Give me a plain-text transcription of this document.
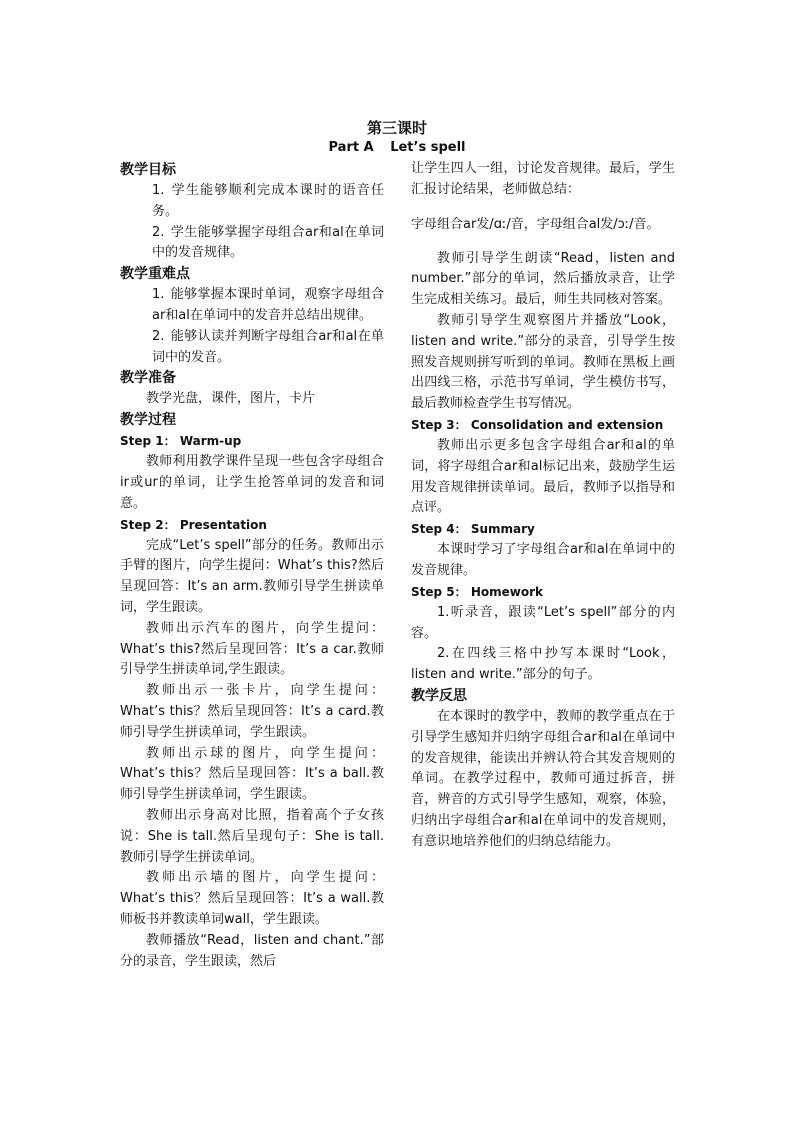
第三课时
Part A Let’s spell

教学目标

1. 学生能够顺利完成本课时的语音任务。

2. 学生能够掌握字母组合ar和al在单词中的发音规律。

教学重难点

1. 能够掌握本课时单词，观察字母组合ar和al在单词中的发音并总结出规律。

2. 能够认读并判断字母组合ar和al在单词中的发音。

教学准备

教学光盘，课件，图片，卡片

教学过程

Step 1： Warm-up

教师利用教学课件呈现一些包含字母组合ir或ur的单词，让学生抢答单词的发音和词意。

Step 2： Presentation

完成“Let’s spell”部分的任务。教师出示手臂的图片，向学生提问：What’s this?然后呈现回答：It’s an arm.教师引导学生拼读单词，学生跟读。

教师出示汽车的图片，向学生提问：What’s this?然后呈现回答：It’s a car.教师引导学生拼读单词,学生跟读。

教师出示一张卡片，向学生提问：What’s this？然后呈现回答：It’s a card.教师引导学生拼读单词，学生跟读。

教师出示球的图片，向学生提问：What’s this？然后呈现回答：It’s a ball.教师引导学生拼读单词，学生跟读。

教师出示身高对比照，指着高个子女孩说：She is tall.然后呈现句子：She is tall.教师引导学生拼读单词。

教师出示墙的图片，向学生提问：What’s this？然后呈现回答：It’s a wall.教师板书并教读单词wall，学生跟读。

教师播放“Read，listen and chant.”部分的录音，学生跟读，然后

让学生四人一组，讨论发音规律。最后，学生汇报讨论结果，老师做总结：

字母组合ar发/ɑː/音，字母组合al发/ɔː/音。

教师引导学生朗读“Read，listen and number.”部分的单词，然后播放录音，让学生完成相关练习。最后，师生共同核对答案。

教师引导学生观察图片并播放“Look，listen and write.”部分的录音，引导学生按照发音规则拼写听到的单词。教师在黑板上画出四线三格，示范书写单词，学生模仿书写，最后教师检查学生书写情况。

Step 3： Consolidation and extension

教师出示更多包含字母组合ar和al的单词，将字母组合ar和al标记出来，鼓励学生运用发音规律拼读单词。最后，教师予以指导和点评。

Step 4： Summary

本课时学习了字母组合ar和al在单词中的发音规律。

Step 5： Homework

1.听录音，跟读“Let’s spell”部分的内容。

2.在四线三格中抄写本课时“Look，listen and write.”部分的句子。

教学反思

在本课时的教学中，教师的教学重点在于引导学生感知并归纳字母组合ar和al在单词中的发音规律，能读出并辨认符合其发音规则的单词。在教学过程中，教师可通过拆音，拼音，辨音的方式引导学生感知，观察，体验，归纳出字母组合ar和al在单词中的发音规则，有意识地培养他们的归纳总结能力。
